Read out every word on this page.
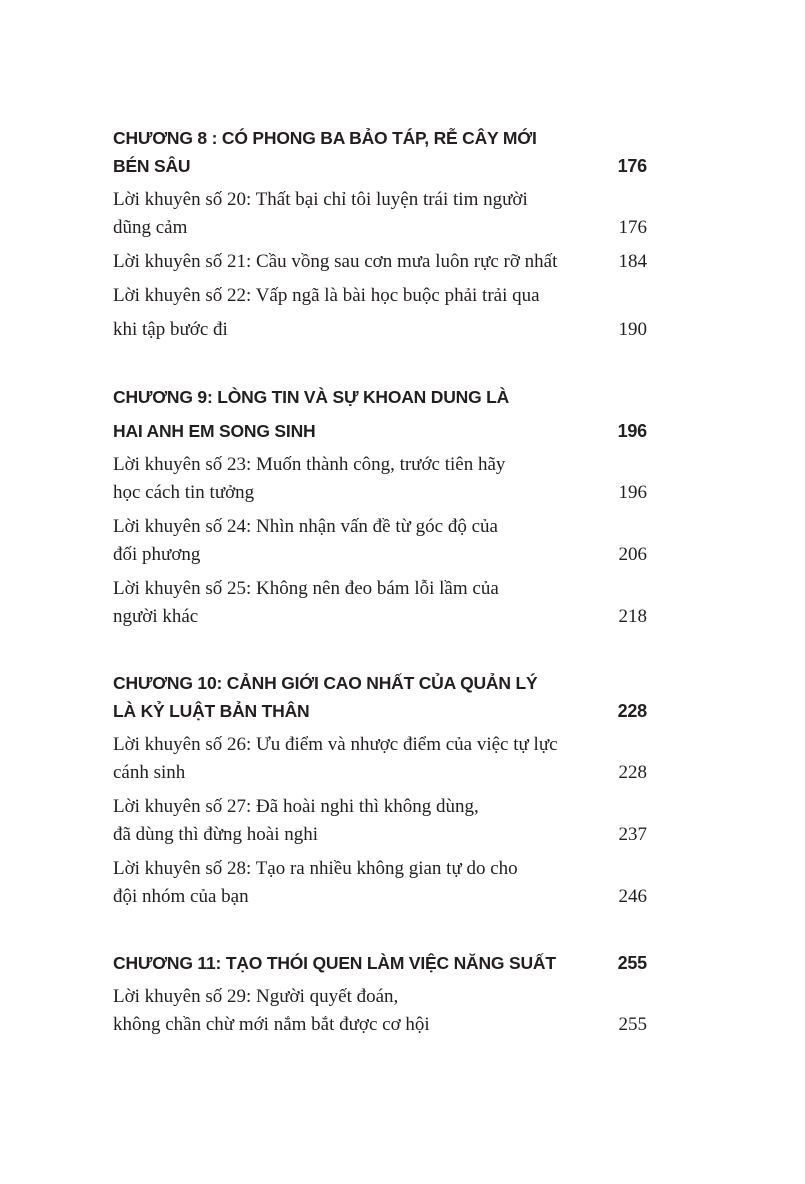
CHƯƠNG 8 : CÓ PHONG BA BẢO TÁP, RỄ CÂY MỚI
BÉN SÂU	176
Lời khuyên số 20: Thất bại chỉ tôi luyện trái tim người
dũng cảm	176
Lời khuyên số 21: Cầu vồng sau cơn mưa luôn rực rỡ nhất	184
Lời khuyên số 22: Vấp ngã là bài học buộc phải trải qua
khi tập bước đi	190
CHƯƠNG 9: LÒNG TIN VÀ SỰ KHOAN DUNG LÀ
HAI ANH EM SONG SINH	196
Lời khuyên số 23: Muốn thành công, trước tiên hãy
học cách tin tưởng	196
Lời khuyên số 24: Nhìn nhận vấn đề từ góc độ của
đối phương	206
Lời khuyên số 25: Không nên đeo bám lỗi lầm của
người khác	218
CHƯƠNG 10: CẢNH GIỚI CAO NHẤT CỦA QUẢN LÝ
LÀ KỶ LUẬT BẢN THÂN	228
Lời khuyên số 26: Ưu điểm và nhược điểm của việc tự lực
cánh sinh	228
Lời khuyên số 27: Đã hoài nghi thì không dùng,
đã dùng thì đừng hoài nghi	237
Lời khuyên số 28: Tạo ra nhiều không gian tự do cho
đội nhóm của bạn	246
CHƯƠNG 11: TẠO THÓI QUEN LÀM VIỆC NĂNG SUẤT	255
Lời khuyên số 29: Người quyết đoán,
không chần chừ mới nắm bắt được cơ hội	255
